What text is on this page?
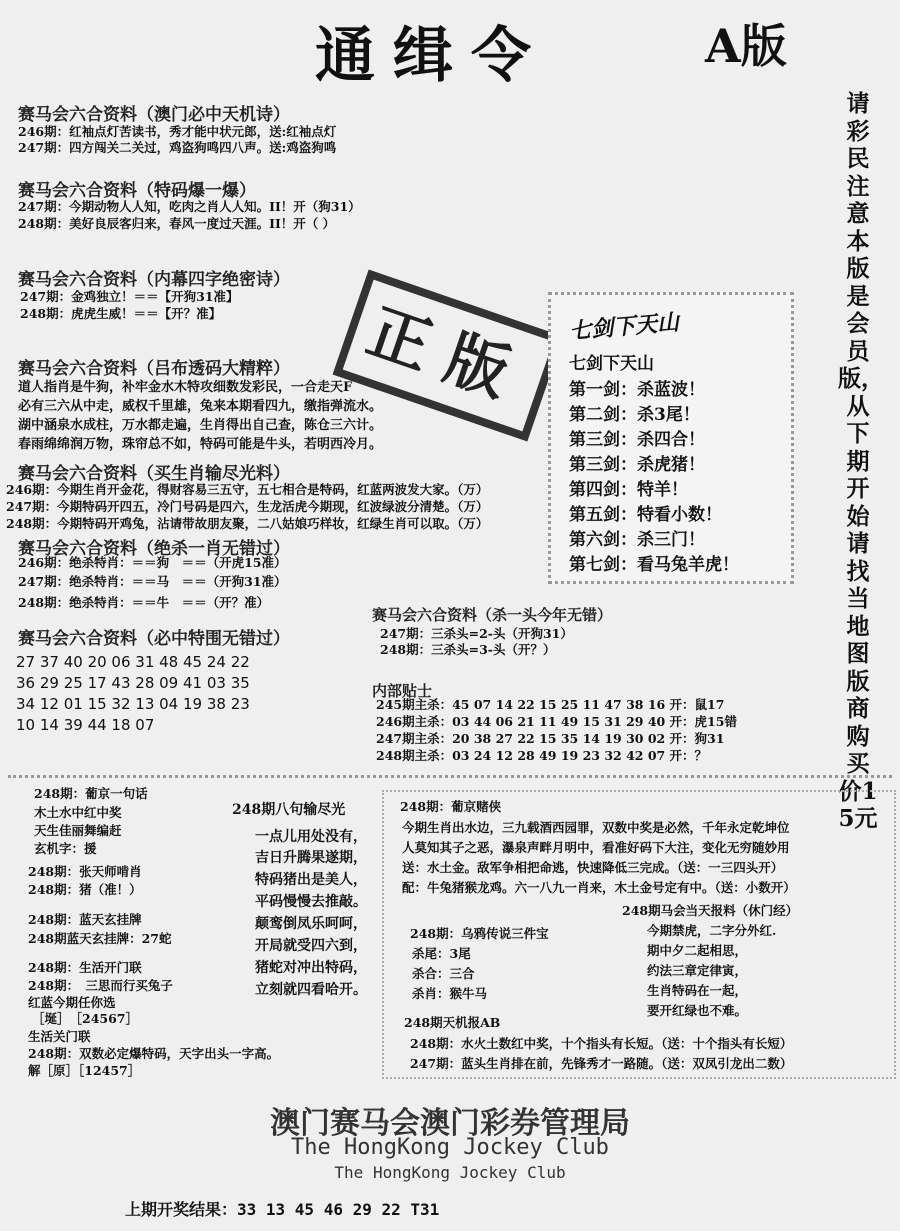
通缉令	A版
请彩民注意本版是会员版，从下期开始请找当地图版商购买价15元
赛马会六合资料（澳门必中天机诗）
246期：红袖点灯苦读书，秀才能中状元郎，送:红袖点灯
247期：四方闯关二关过，鸡盗狗鸣四八声。送:鸡盗狗鸣
赛马会六合资料（特码爆一爆）
247期：今期动物人人知，吃肉之肖人人知。II！开（狗31）
248期：美好良辰客归来，春风一度过天涯。II！开（ ）
赛马会六合资料（内幕四字绝密诗）
247期：金鸡独立！＝＝【开狗31准】
248期：虎虎生威！＝＝【开？准】	正版
赛马会六合资料（吕布透码大精粹）
道人指肖是牛狗，补牢金水木特攻细数发彩民，一合走天F
必有三六从中走，威权千里雄，兔来本期看四九，缴指弹流水。
湖中涵泉水成柱，万水都走遍，生肖得出自己查，陈仓三六计。
春雨绵绵润万物，珠帘总不如，特码可能是牛头，若明西冷月。
赛马会六合资料（买生肖输尽光料）
246期：今期生肖开金花，得财容易三五守，五七相合是特码，红蓝两波发大家。（万）
247期：今期特码开四五，冷门号码是四六，生龙活虎今期现，红波绿波分清楚。（万）
248期：今期特码开鸡兔，沾请带故朋友聚，二八姑娘巧样妆，红绿生肖可以取。（万）
赛马会六合资料（绝杀一肖无错过）
246期：绝杀特肖：＝＝狗　＝＝（开虎15准）
247期：绝杀特肖：＝＝马　＝＝（开狗31准）
248期：绝杀特肖：＝＝牛　＝＝（开？准）
赛马会六合资料（必中特围无错过）
27 37 40 20 06 31 48 45 24 22
36 29 25 17 43 28 09 41 03 35
34 12 01 15 32 13 04 19 38 23
10 14 39 44 18 07
七剑下天山
七剑下天山
第一剑：杀蓝波！
第二剑：杀3尾！
第三剑：杀四合！
第三剑：杀虎猪！
第四剑：特羊！
第五剑：特看小数！
第六剑：杀三门！
第七剑：看马兔羊虎！
赛马会六合资料（杀一头今年无错）
247期：三杀头=2-头（开狗31）
248期：三杀头=3-头（开？）
内部贴士
245期主杀：45 07 14 22 15 25 11 47 38 16 开：鼠17
246期主杀：03 44 06 21 11 49 15 31 29 40 开：虎15错
247期主杀：20 38 27 22 15 35 14 19 30 02 开：狗31
248期主杀：03 24 12 28 49 19 23 32 42 07 开：？
248期：葡京一句话
木土水中红中奖
天生佳丽舞编赶
玄机字：援
248期：张天师啃肖
248期：猪（准！）
248期：蓝天玄挂牌
248期蓝天玄挂牌：27蛇
248期：生活开门联
248期：　三思而行买兔子
红蓝今期任你选
［埏］　［24567］
生活关门联
248期：双数必定爆特码，天字出头一字高。
解［原］［12457］
248期八句输尽光
一点儿用处没有，
吉日升腾果遂期，
特码猪出是美人，
平码慢慢去推敲。
颠鸾倒凤乐呵呵，
开局就受四六到，
猪蛇对冲出特码，
立刻就四看哈开。
248期：葡京赌侠
今期生肖出水边，三九载酒西园罪，双数中奖是必然，千年永定乾坤位
人莫知其子之恶，瀑泉声畔月明中，看准好码下大注，变化无穷随妙用
送：水土金。敌军争相把命逃，快速降低三完成。（送：一三四头开）
配：牛兔猪猴龙鸡。六一八九一肖来，木土金号定有中。（送：小数开）
248期：乌鸦传说三件宝
杀尾：3尾
杀合：三合
杀肖：猴牛马
248期马会当天报料（休门经）
今期禁虎，二字分外红.
期中夕二起相思，
约法三章定律寅，
生肖特码在一起，
要开红绿也不难。
248期天机报AB
248期：水火土数红中奖，十个指头有长短。（送：十个指头有长短）
247期：蓝头生肖排在前，先锋秀才一路随。（送：双凤引龙出二数）
澳门赛马会澳门彩券管理局
The HongKong Jockey Club
The HongKong Jockey Club
上期开奖结果：33 13 45 46 29 22 T31
